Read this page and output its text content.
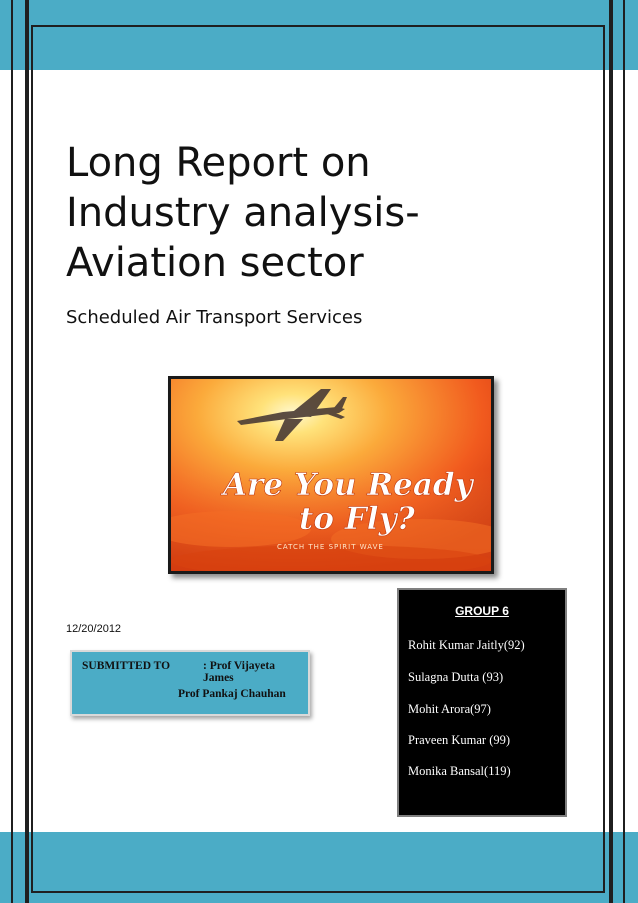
Long Report on
Industry analysis-
Aviation sector
Scheduled Air Transport Services
Are You Ready
to Fly?
CATCH THE SPIRIT WAVE
12/20/2012
SUBMITTED TO	: Prof Vijayeta James
Prof Pankaj Chauhan
GROUP 6
Rohit Kumar Jaitly(92)
Sulagna Dutta (93)
Mohit Arora(97)
Praveen Kumar (99)
Monika Bansal(119)
